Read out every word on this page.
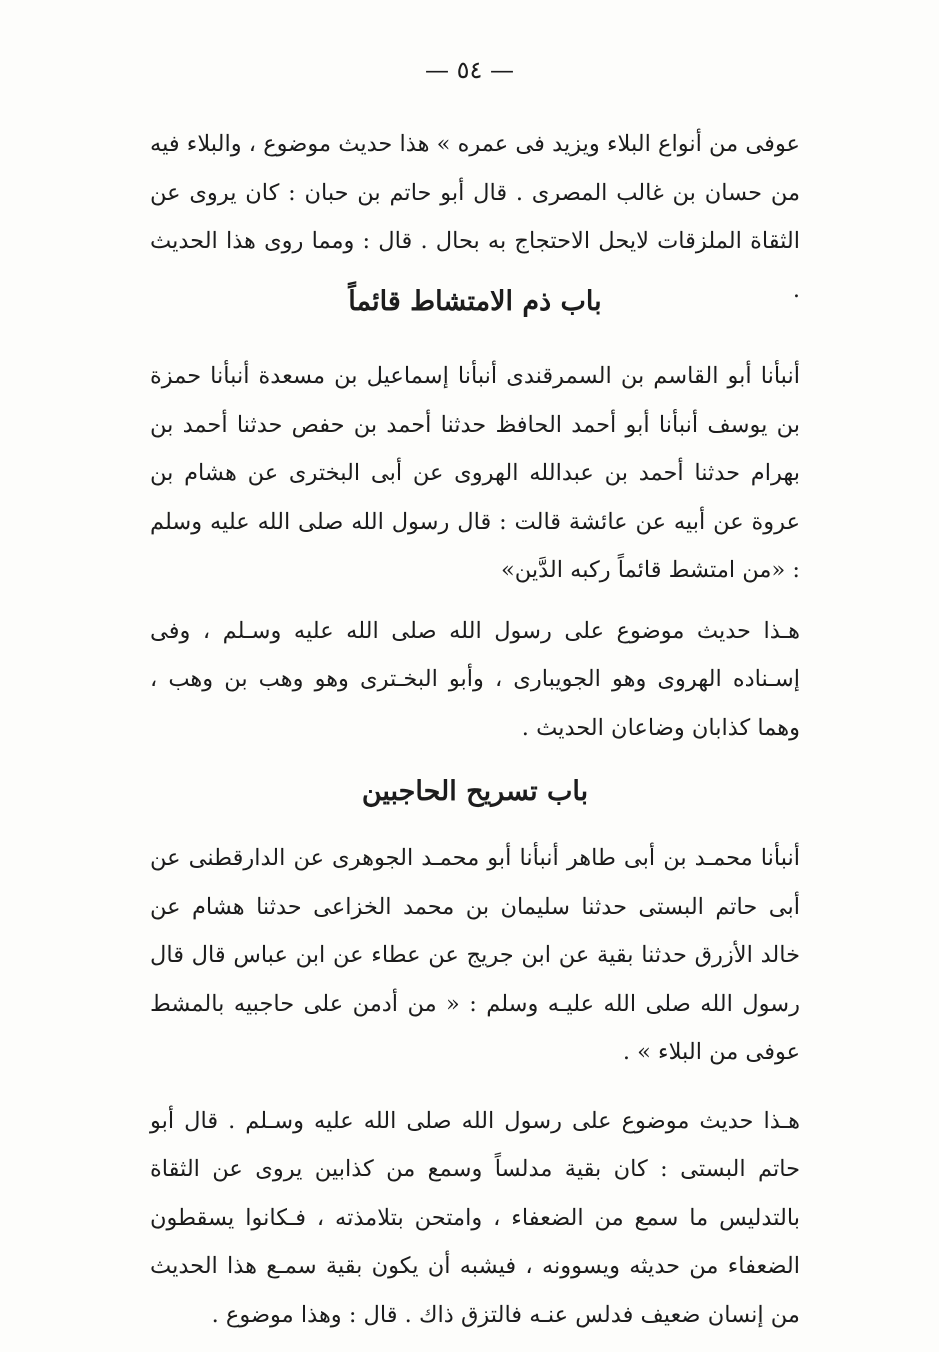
— ٥٤ —

عوفى من أنواع البلاء ويزيد فى عمره » هذا حديث موضوع ، والبلاء فيه من حسان بن غالب المصرى . قال أبو حاتم بن حبان : كان يروى عن الثقاة الملزقات لايحل الاحتجاج به بحال . قال : ومما روى هذا الحديث .

باب ذم الامتشاط قائماً

أنبأنا أبو القاسم بن السمرقندى أنبأنا إسماعيل بن مسعدة أنبأنا حمزة بن يوسف أنبأنا أبو أحمد الحافظ حدثنا أحمد بن حفص حدثنا أحمد بن بهرام حدثنا أحمد بن عبدالله الهروى عن أبى البخترى عن هشام بن عروة عن أبيه عن عائشة قالت : قال رسول الله صلى الله عليه وسلم : «من امتشط قائماً ركبه الدَّين»

هـذا حديث موضوع على رسول الله صلى الله عليه وسـلم ، وفى إسـناده الهروى وهو الجويبارى ، وأبو البخـترى وهو وهب بن وهب ، وهما كذابان وضاعان الحديث .

باب تسريح الحاجبين

أنبأنا محمـد بن أبى طاهر أنبأنا أبو محمـد الجوهرى عن الدارقطنى عن أبى حاتم البستى حدثنا سليمان بن محمد الخزاعى حدثنا هشام عن خالد الأزرق حدثنا بقية عن ابن جريج عن عطاء عن ابن عباس قال قال رسول الله صلى الله عليـه وسلم : « من أدمن على حاجبيه بالمشط عوفى من البلاء » .

هـذا حديث موضوع على رسول الله صلى الله عليه وسـلم . قال أبو حاتم البستى : كان بقية مدلساً وسمع من كذابين يروى عن الثقاة بالتدليس ما سمع من الضعفاء ، وامتحن بتلامذته ، فـكانوا يسقطون الضعفاء من حديثه ويسوونه ، فيشبه أن يكون بقية سمـع هذا الحديث من إنسان ضعيف فدلس عنـه فالتزق ذاك . قال : وهذا موضوع .
